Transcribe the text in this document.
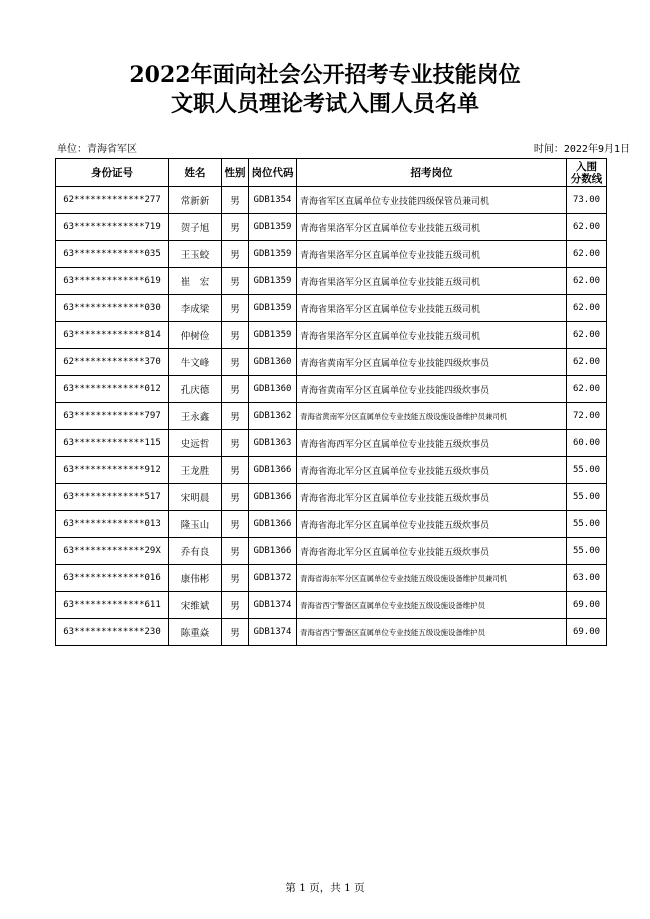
2022年面向社会公开招考专业技能岗位
文职人员理论考试入围人员名单
单位：青海省军区	时间：2022年9月1日
身份证号	姓名	性别	岗位代码	招考岗位	入围
分数线
62*************277	常新新	男	GDB1354	青海省军区直属单位专业技能四级保管员兼司机	73.00
63*************719	贺子旭	男	GDB1359	青海省果洛军分区直属单位专业技能五级司机	62.00
63*************035	王玉蛟	男	GDB1359	青海省果洛军分区直属单位专业技能五级司机	62.00
63*************619	崔　宏	男	GDB1359	青海省果洛军分区直属单位专业技能五级司机	62.00
63*************030	李成梁	男	GDB1359	青海省果洛军分区直属单位专业技能五级司机	62.00
63*************814	仲树俭	男	GDB1359	青海省果洛军分区直属单位专业技能五级司机	62.00
62*************370	牛文峰	男	GDB1360	青海省黄南军分区直属单位专业技能四级炊事员	62.00
63*************012	孔庆德	男	GDB1360	青海省黄南军分区直属单位专业技能四级炊事员	62.00
63*************797	王永鑫	男	GDB1362	青海省黄南军分区直属单位专业技能五级设施设备维护员兼司机	72.00
63*************115	史远哲	男	GDB1363	青海省海西军分区直属单位专业技能五级炊事员	60.00
63*************912	王龙胜	男	GDB1366	青海省海北军分区直属单位专业技能五级炊事员	55.00
63*************517	宋明晨	男	GDB1366	青海省海北军分区直属单位专业技能五级炊事员	55.00
63*************013	隆玉山	男	GDB1366	青海省海北军分区直属单位专业技能五级炊事员	55.00
63*************29X	乔有良	男	GDB1366	青海省海北军分区直属单位专业技能五级炊事员	55.00
63*************016	康伟彬	男	GDB1372	青海省海东军分区直属单位专业技能五级设施设备维护员兼司机	63.00
63*************611	宋维斌	男	GDB1374	青海省西宁警备区直属单位专业技能五级设施设备维护员	69.00
63*************230	陈重焱	男	GDB1374	青海省西宁警备区直属单位专业技能五级设施设备维护员	69.00
第 1 页，共 1 页
